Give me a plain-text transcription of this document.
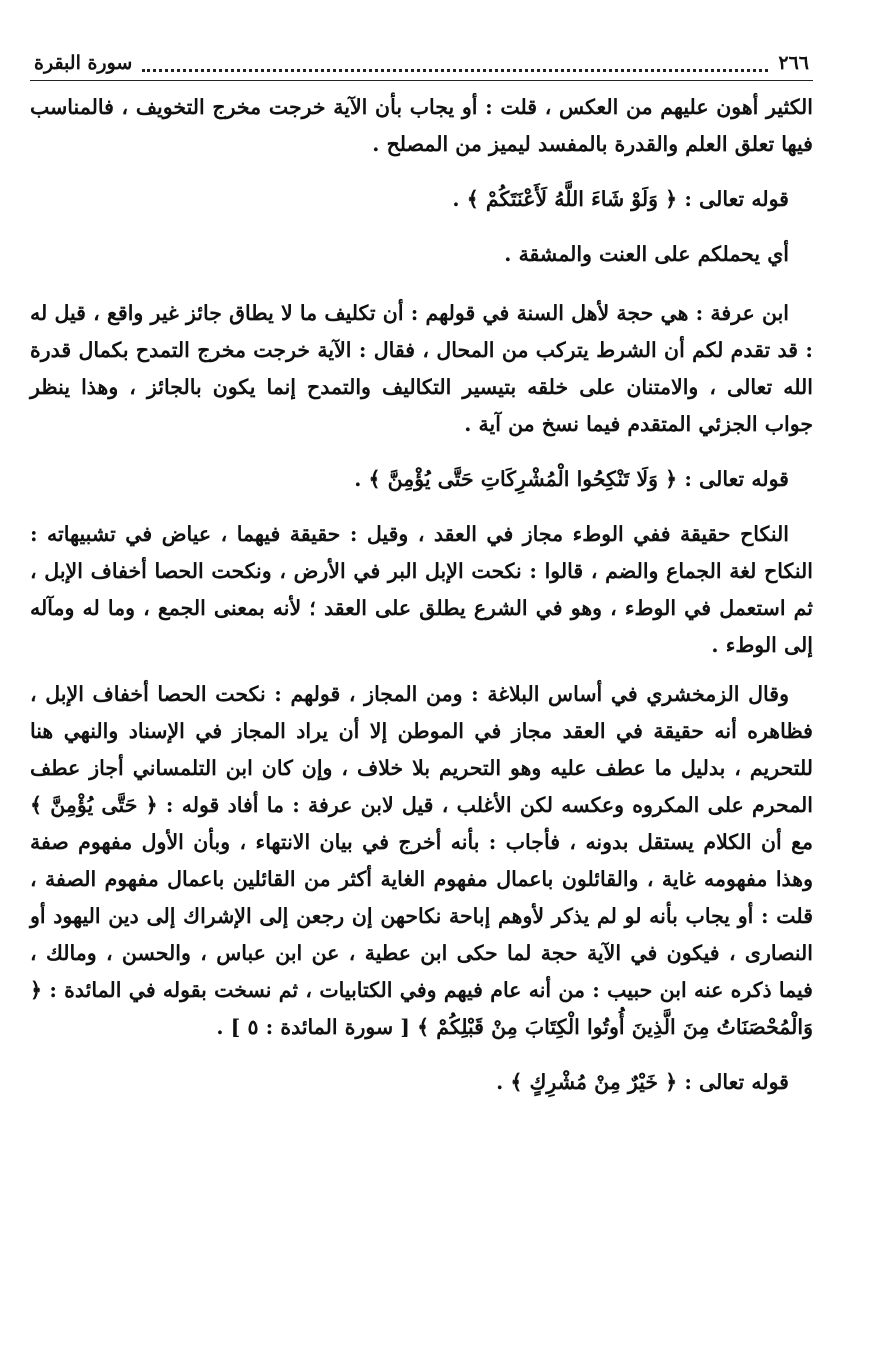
٢٦٦
سورة البقرة

الكثير أهون عليهم من العكس ، قلت : أو يجاب بأن الآية خرجت مخرج التخويف ، فالمناسب فيها تعلق العلم والقدرة بالمفسد ليميز من المصلح .

قوله تعالى : ﴿ وَلَوْ شَاءَ اللَّهُ لَأَعْنَتَكُمْ ﴾ .

أي يحملكم على العنت والمشقة .

ابن عرفة : هي حجة لأهل السنة في قولهم : أن تكليف ما لا يطاق جائز غير واقع ، قيل له : قد تقدم لكم أن الشرط يتركب من المحال ، فقال : الآية خرجت مخرج التمدح بكمال قدرة الله تعالى ، والامتنان على خلقه بتيسير التكاليف والتمدح إنما يكون بالجائز ، وهذا ينظر جواب الجزئي المتقدم فيما نسخ من آية .

قوله تعالى : ﴿ وَلَا تَنْكِحُوا الْمُشْرِكَاتِ حَتَّى يُؤْمِنَّ ﴾ .

النكاح حقيقة ففي الوطء مجاز في العقد ، وقيل : حقيقة فيهما ، عياض في تشبيهاته : النكاح لغة الجماع والضم ، قالوا : نكحت الإبل البر في الأرض ، ونكحت الحصا أخفاف الإبل ، ثم استعمل في الوطء ، وهو في الشرع يطلق على العقد ؛ لأنه بمعنى الجمع ، وما له ومآله إلى الوطء .

وقال الزمخشري في أساس البلاغة : ومن المجاز ، قولهم : نكحت الحصا أخفاف الإبل ، فظاهره أنه حقيقة في العقد مجاز في الموطن إلا أن يراد المجاز في الإسناد والنهي هنا للتحريم ، بدليل ما عطف عليه وهو التحريم بلا خلاف ، وإن كان ابن التلمساني أجاز عطف المحرم على المكروه وعكسه لكن الأغلب ، قيل لابن عرفة : ما أفاد قوله : ﴿ حَتَّى يُؤْمِنَّ ﴾ مع أن الكلام يستقل بدونه ، فأجاب : بأنه أخرج في بيان الانتهاء ، وبأن الأول مفهوم صفة وهذا مفهومه غاية ، والقائلون باعمال مفهوم الغاية أكثر من القائلين باعمال مفهوم الصفة ، قلت : أو يجاب بأنه لو لم يذكر لأوهم إباحة نكاحهن إن رجعن إلى الإشراك إلى دين اليهود أو النصارى ، فيكون في الآية حجة لما حكى ابن عطية ، عن ابن عباس ، والحسن ، ومالك ، فيما ذكره عنه ابن حبيب : من أنه عام فيهم وفي الكتابيات ، ثم نسخت بقوله في المائدة : ﴿ وَالْمُحْصَنَاتُ مِنَ الَّذِينَ أُوتُوا الْكِتَابَ مِنْ قَبْلِكُمْ ﴾ [ سورة المائدة : ٥ ] .

قوله تعالى : ﴿ خَيْرٌ مِنْ مُشْرِكٍ ﴾ .
